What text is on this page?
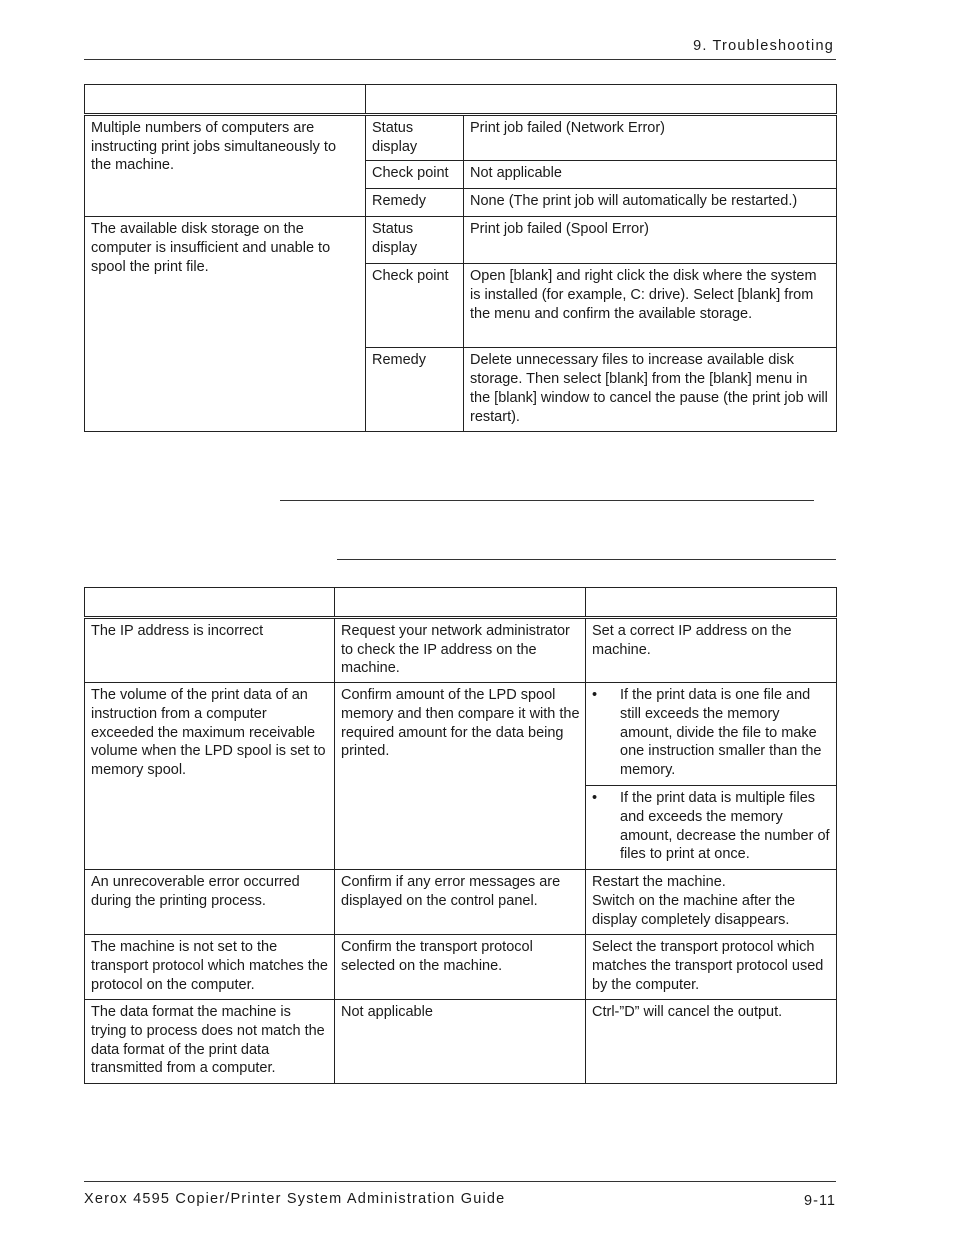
9. Troubleshooting

Multiple numbers of computers are instructing print jobs simultaneously to the machine.	Status display	Print job failed (Network Error)
	Check point	Not applicable
	Remedy	None (The print job will automatically be restarted.)
The available disk storage on the computer is insufficient and unable to spool the print file.	Status display	Print job failed (Spool Error)
	Check point	Open [blank] and right click the disk where the system is installed (for example, C: drive). Select [blank] from the menu and confirm the available storage.
	Remedy	Delete unnecessary files to increase available disk storage. Then select [blank] from the [blank] menu in the [blank] window to cancel the pause (the print job will restart).

The IP address is incorrect	Request your network administrator to check the IP address on the machine.	Set a correct IP address on the machine.
The volume of the print data of an instruction from a computer exceeded the maximum receivable volume when the LPD spool is set to memory spool.	Confirm amount of the LPD spool memory and then compare it with the required amount for the data being printed.	• If the print data is one file and still exceeds the memory amount, divide the file to make one instruction smaller than the memory.

		• If the print data is multiple files and exceeds the memory amount, decrease the number of files to print at once.

An unrecoverable error occurred during the printing process.	Confirm if any error messages are displayed on the control panel.	Restart the machine.
Switch on the machine after the display completely disappears.

The machine is not set to the transport protocol which matches the protocol on the computer.	Confirm the transport protocol selected on the machine.	Select the transport protocol which matches the transport protocol used by the computer.
The data format the machine is trying to process does not match the data format of the print data transmitted from a computer.	Not applicable	Ctrl-”D” will cancel the output.
Xerox 4595 Copier/Printer System Administration Guide	9-11
